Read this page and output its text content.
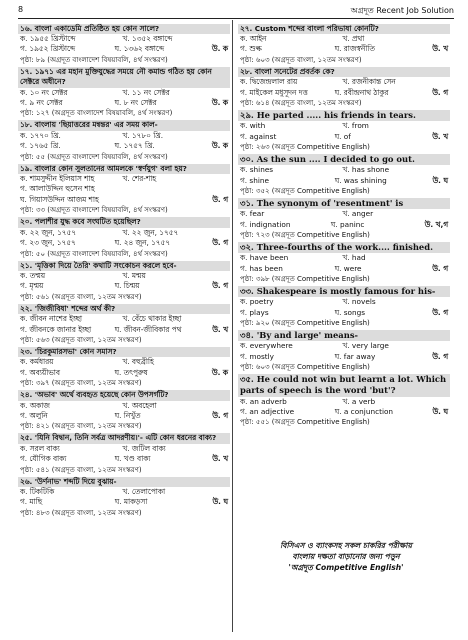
8	অগ্রদূত Recent Job Solution
১৬. বাংলা একাডেমি প্রতিষ্ঠিত হয় কোন সালে?
ক. ১৯৫৫ খ্রিস্টাব্দে	খ. ১৩৫২ বঙ্গাব্দে
গ. ১৯৫২ খ্রিস্টাব্দে	ঘ. ১৩৬২ বঙ্গাব্দে	উ. ক
পৃষ্ঠা: ৮৯ (অগ্রদূত বাংলাদেশ বিষয়াবলি, ৪র্থ সংস্করণ)
১৭. ১৯৭১ এর মহান মুক্তিযুদ্ধের সময়ে নৌ কমান্ড গঠিত হয় কোন সেক্টরে অধীনে?
ক. ১০ নং সেক্টর	খ. ১১ নং সেক্টর
গ. ৯ নং সেক্টর	ঘ. ৮ নং সেক্টর	উ. ক
পৃষ্ঠা: ১২৭ (অগ্রদূত বাংলাদেশ বিষয়াবলি, ৪র্থ সংস্করণ)
১৮. বাংলায় 'ছিয়াত্তরের মন্বন্তর' এর সময় কাল-
ক. ১৭৭০ খ্রি.	খ. ১৭৮০ খ্রি.
গ. ১৭৬৫ খ্রি.	ঘ. ১৭৫৭ খ্রি.	উ. ক
পৃষ্ঠা: ৫৫ (অগ্রদূত বাংলাদেশ বিষয়াবলি, ৪র্থ সংস্করণ)
১৯. বাংলার কোন সুলতানের আমলকে 'স্বর্ণযুগ' বলা হয়?
ক. শামসুদ্দীন ইলিয়াস শাহ	খ. শের-শাহ
গ. আলাউদ্দিন হুসেন শাহ
ঘ. গিয়াসউদ্দিন আজম শাহ	উ. গ
পৃষ্ঠা: ৩৩ (অগ্রদূত বাংলাদেশ বিষয়াবলি, ৪র্থ সংস্করণ)
২০. পলাশীর যুদ্ধ কবে সংঘটিত হয়েছিল?
ক. ২২ জুন, ১৭৫৭	খ. ২২ জুন, ১৭৫৭
গ. ২৩ জুন, ১৭৫৭	ঘ. ২৪ জুন, ১৭৫৭	উ. গ
পৃষ্ঠা: ৫০ (অগ্রদূত বাংলাদেশ বিষয়াবলি, ৪র্থ সংস্করণ)
২১. 'মৃত্তিকা দিয়ে তৈরি' কথাটি সংকোচন করলে হবে-
ক. তন্ময়	খ. মন্ময়
গ. মৃন্ময়	ঘ. চিন্ময়	উ. গ
পৃষ্ঠা: ৫৬১ (অগ্রদূত বাংলা, ১২তম সংস্করণ)
২২. 'জিজীবিষা' শব্দের অর্থ কী?
ক. জীবন নাশের ইচ্ছা	খ. বেঁচে থাকার ইচ্ছা
গ. জীবনকে জানার ইচ্ছা	ঘ. জীবন-জীবিকার পথ	উ. খ
পৃষ্ঠা: ৫৬৩ (অগ্রদূত বাংলা, ১২তম সংস্করণ)
২৩. 'চিরকুমারসভা' কোন সমাস?
ক. কর্মধারয়	খ. বহুব্রীহি
গ. অব্যয়ীভাব	ঘ. তৎপুরুষ	উ. ক
পৃষ্ঠা: ৩৯৭ (অগ্রদূত বাংলা, ১২তম সংস্করণ)
২৪. 'অভাব' অর্থে ব্যবহৃত হয়েছে কোন উপসর্গটি?
ক. অকাজ	খ. অবহেলা
গ. অলুনি	ঘ. নিখুঁত	উ. গ
পৃষ্ঠা: ৪২১ (অগ্রদূত বাংলা, ১২তম সংস্করণ)
২৫. 'যিনি বিদ্বান, তিনি সর্বত্র আদরণীয়।'- এটি কোন ধরনের বাক্য?
ক. সরল বাক্য	খ. জটিল বাক্য
গ. যৌগিক বাক্য	ঘ. খণ্ড বাক্য	উ. খ
পৃষ্ঠা: ৫৪১ (অগ্রদূত বাংলা, ১২তম সংস্করণ)
২৬. 'উর্ণনাভ' শব্দটি দিয়ে বুঝায়-
ক. টিকটিকি	খ. তেলাপোকা
গ. মাছি	ঘ. মাকড়সা	উ. ঘ
পৃষ্ঠা: ৪৮৩ (অগ্রদূত বাংলা, ১২তম সংস্করণ)
২৭. Custom শব্দের বাংলা পরিভাষা কোনটি?
ক. আইন	খ. প্রথা
গ. শুল্ক	ঘ. রাজস্বনীতি	উ. খ
পৃষ্ঠা: ৬০৩ (অগ্রদূত বাংলা, ১২তম সংস্করণ)
২৮. বাংলা সনেটের প্রবর্তক কে?
ক. দ্বিজেন্দ্রলাল রায়	খ. রজনীকান্ত সেন
গ. মাইকেল মধুসূদন দত্ত	ঘ. রবীন্দ্রনাথ ঠাকুর	উ. গ
পৃষ্ঠা: ৬১৪ (অগ্রদূত বাংলা, ১২তম সংস্করণ)
২৯. He parted ..... his friends in tears.
ক. with	খ. from
গ. against	ঘ. of	উ. খ
পৃষ্ঠা: ২৬৩ (অগ্রদূত Competitive English)
৩০. As the sun .... I decided to go out.
ক. shines	খ. has shone
গ. shine	ঘ. was shining	উ. ঘ
পৃষ্ঠা: ৩৫২ (অগ্রদূত Competitive English)
৩১. The synonym of 'resentment' is
ক. fear	খ. anger
গ. indignation	ঘ. paninc	উ. খ,গ
পৃষ্ঠা: ৭২৩ (অগ্রদূত Competitive English)
৩২. Three-fourths of the work.... finished.
ক. have been	খ. had
গ. has been	ঘ. were	উ. গ
পৃষ্ঠা: ৩৯৮ (অগ্রদূত Competitive English)
৩৩. Shakespeare is mostly famous for his-
ক. poetry	খ. novels
গ. plays	ঘ. songs	উ. গ
পৃষ্ঠা: ৯২০ (অগ্রদূত Competitive English)
৩৪. 'By and large' means-
ক. everywhere	খ. very large
গ. mostly	ঘ. far away	উ. গ
পৃষ্ঠা: ৬০৩ (অগ্রদূত Competitive English)
৩৫. He could not win but learnt a lot. Which parts of speech is the word 'but'?
ক. an adverb	খ. a verb
গ. an adjective	ঘ. a conjunction	উ. ঘ
পৃষ্ঠা: ৫৫১ (অগ্রদূত Competitive English)
বিসিএস ও ব্যাংকসহ সকল চাকরির পরীক্ষায়
বাংলায় দক্ষতা বাড়ানোর জন্য পড়ুন
'অগ্রদূত Competitive English'
